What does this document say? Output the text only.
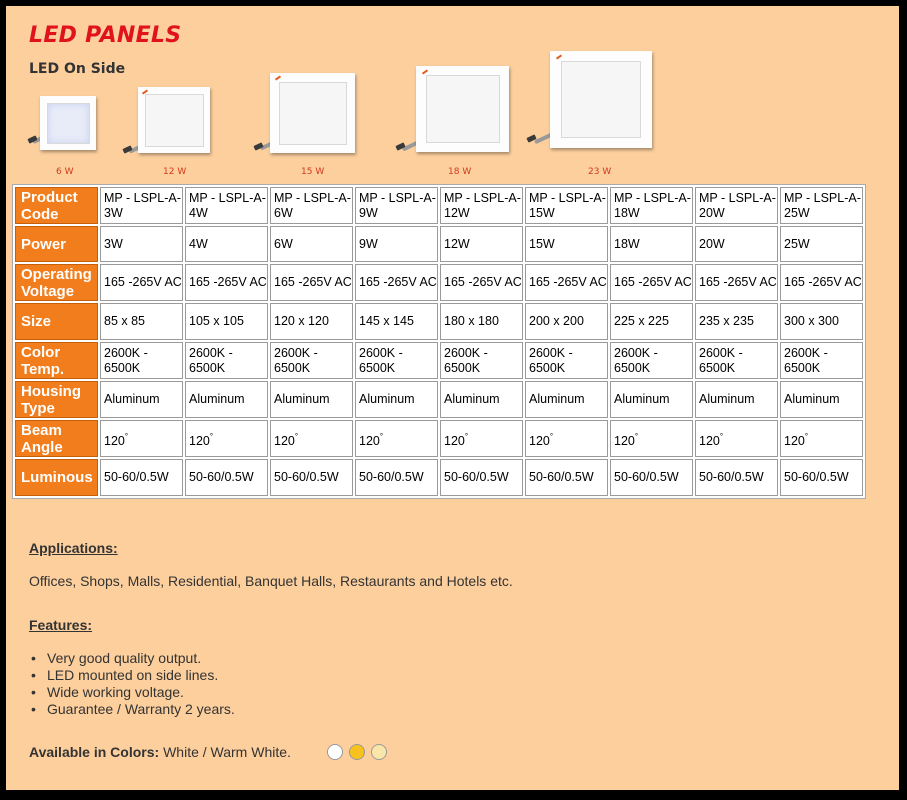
LED PANELS
LED On Side
6 W	12 W	15 W	18 W	23 W
Product Code	MP - LSPL-A-3W	MP - LSPL-A-4W	MP - LSPL-A-6W	MP - LSPL-A-9W	MP - LSPL-A-12W	MP - LSPL-A-15W	MP - LSPL-A-18W	MP - LSPL-A-20W	MP - LSPL-A-25W
Power	3W	4W	6W	9W	12W	15W	18W	20W	25W
Operating Voltage	165 -265V AC	165 -265V AC	165 -265V AC	165 -265V AC	165 -265V AC	165 -265V AC	165 -265V AC	165 -265V AC	165 -265V AC
Size	85 x 85	105 x 105	120 x 120	145 x 145	180 x 180	200 x 200	225 x 225	235 x 235	300 x 300
Color Temp.	2600K - 6500K	2600K - 6500K	2600K - 6500K	2600K - 6500K	2600K - 6500K	2600K - 6500K	2600K - 6500K	2600K - 6500K	2600K - 6500K
Housing Type	Aluminum	Aluminum	Aluminum	Aluminum	Aluminum	Aluminum	Aluminum	Aluminum	Aluminum
Beam Angle	120°	120°	120°	120°	120°	120°	120°	120°	120°
Luminous	50-60/0.5W	50-60/0.5W	50-60/0.5W	50-60/0.5W	50-60/0.5W	50-60/0.5W	50-60/0.5W	50-60/0.5W	50-60/0.5W
Applications:
Offices, Shops, Malls, Residential, Banquet Halls, Restaurants and Hotels etc.
Features:
• Very good quality output.
• LED mounted on side lines.
• Wide working voltage.
• Guarantee / Warranty 2 years.
Available in Colors: White / Warm White.
